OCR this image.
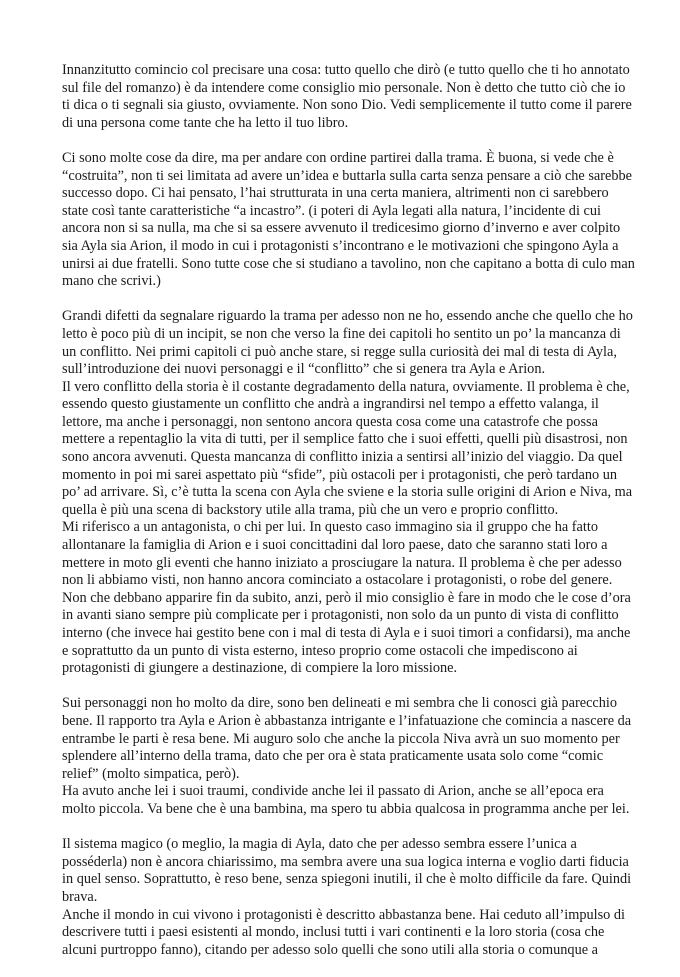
Innanzitutto comincio col precisare una cosa: tutto quello che dirò (e tutto quello che ti ho annotato
sul file del romanzo) è da intendere come consiglio mio personale. Non è detto che tutto ciò che io
ti dica o ti segnali sia giusto, ovviamente. Non sono Dio. Vedi semplicemente il tutto come il parere
di una persona come tante che ha letto il tuo libro.
Ci sono molte cose da dire, ma per andare con ordine partirei dalla trama. È buona, si vede che è
“costruita”, non ti sei limitata ad avere un’idea e buttarla sulla carta senza pensare a ciò che sarebbe
successo dopo. Ci hai pensato, l’hai strutturata in una certa maniera, altrimenti non ci sarebbero
state così tante caratteristiche “a incastro”. (i poteri di Ayla legati alla natura, l’incidente di cui
ancora non si sa nulla, ma che si sa essere avvenuto il tredicesimo giorno d’inverno e aver colpito
sia Ayla sia Arion, il modo in cui i protagonisti s’incontrano e le motivazioni che spingono Ayla a
unirsi ai due fratelli. Sono tutte cose che si studiano a tavolino, non che capitano a botta di culo man
mano che scrivi.)
Grandi difetti da segnalare riguardo la trama per adesso non ne ho, essendo anche che quello che ho
letto è poco più di un incipit, se non che verso la fine dei capitoli ho sentito un po’ la mancanza di
un conflitto. Nei primi capitoli ci può anche stare, si regge sulla curiosità dei mal di testa di Ayla,
sull’introduzione dei nuovi personaggi e il “conflitto” che si genera tra Ayla e Arion.
Il vero conflitto della storia è il costante degradamento della natura, ovviamente. Il problema è che,
essendo questo giustamente un conflitto che andrà a ingrandirsi nel tempo a effetto valanga, il
lettore, ma anche i personaggi, non sentono ancora questa cosa come una catastrofe che possa
mettere a repentaglio la vita di tutti, per il semplice fatto che i suoi effetti, quelli più disastrosi, non
sono ancora avvenuti. Questa mancanza di conflitto inizia a sentirsi all’inizio del viaggio. Da quel
momento in poi mi sarei aspettato più “sfide”, più ostacoli per i protagonisti, che però tardano un
po’ ad arrivare. Sì, c’è tutta la scena con Ayla che sviene e la storia sulle origini di Arion e Niva, ma
quella è più una scena di backstory utile alla trama, più che un vero e proprio conflitto.
Mi riferisco a un antagonista, o chi per lui. In questo caso immagino sia il gruppo che ha fatto
allontanare la famiglia di Arion e i suoi concittadini dal loro paese, dato che saranno stati loro a
mettere in moto gli eventi che hanno iniziato a prosciugare la natura. Il problema è che per adesso
non li abbiamo visti, non hanno ancora cominciato a ostacolare i protagonisti, o robe del genere.
Non che debbano apparire fin da subito, anzi, però il mio consiglio è fare in modo che le cose d’ora
in avanti siano sempre più complicate per i protagonisti, non solo da un punto di vista di conflitto
interno (che invece hai gestito bene con i mal di testa di Ayla e i suoi timori a confidarsi), ma anche
e soprattutto da un punto di vista esterno, inteso proprio come ostacoli che impediscono ai
protagonisti di giungere a destinazione, di compiere la loro missione.
Sui personaggi non ho molto da dire, sono ben delineati e mi sembra che li conosci già parecchio
bene. Il rapporto tra Ayla e Arion è abbastanza intrigante e l’infatuazione che comincia a nascere da
entrambe le parti è resa bene. Mi auguro solo che anche la piccola Niva avrà un suo momento per
splendere all’interno della trama, dato che per ora è stata praticamente usata solo come “comic
relief” (molto simpatica, però).
Ha avuto anche lei i suoi traumi, condivide anche lei il passato di Arion, anche se all’epoca era
molto piccola. Va bene che è una bambina, ma spero tu abbia qualcosa in programma anche per lei.
Il sistema magico (o meglio, la magia di Ayla, dato che per adesso sembra essere l’unica a
posséderla) non è ancora chiarissimo, ma sembra avere una sua logica interna e voglio darti fiducia
in quel senso. Soprattutto, è reso bene, senza spiegoni inutili, il che è molto difficile da fare. Quindi
brava.
Anche il mondo in cui vivono i protagonisti è descritto abbastanza bene. Hai ceduto all’impulso di
descrivere tutti i paesi esistenti al mondo, inclusi tutti i vari continenti e la loro storia (cosa che
alcuni purtroppo fanno), citando per adesso solo quelli che sono utili alla storia o comunque a
